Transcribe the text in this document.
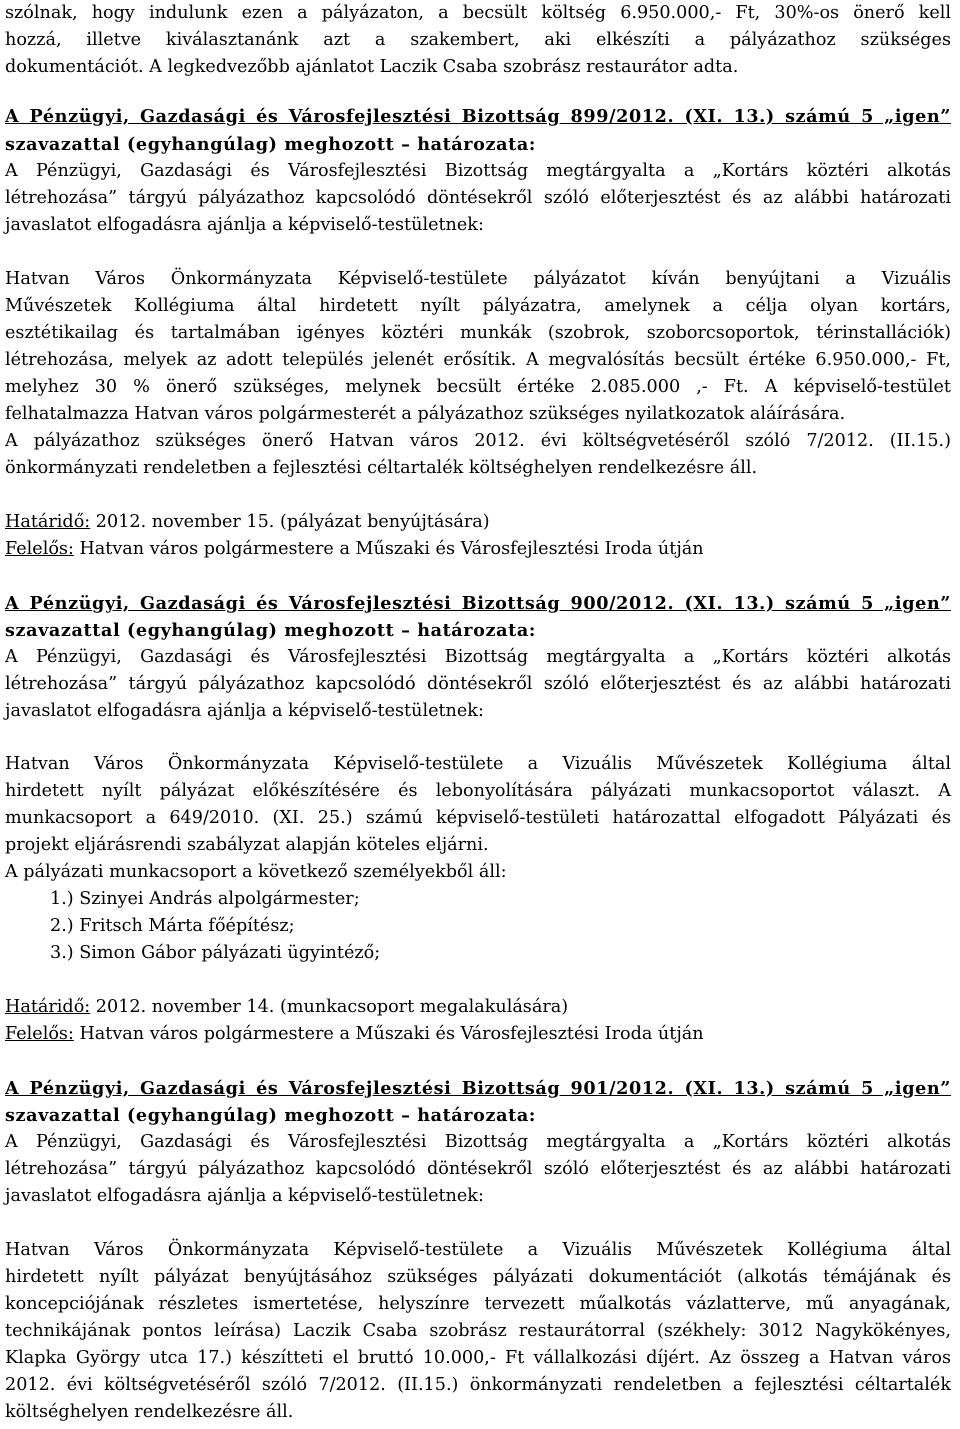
szólnak, hogy indulunk ezen a pályázaton, a becsült költség 6.950.000,- Ft, 30%-os önerő kell
hozzá, illetve kiválasztanánk azt a szakembert, aki elkészíti a pályázathoz szükséges
dokumentációt. A legkedvezőbb ajánlatot Laczik Csaba szobrász restaurátor adta.
A Pénzügyi, Gazdasági és Városfejlesztési Bizottság 899/2012. (XI. 13.) számú 5 „igen”
szavazattal (egyhangúlag) meghozott – határozata:
A Pénzügyi, Gazdasági és Városfejlesztési Bizottság megtárgyalta a „Kortárs köztéri alkotás
létrehozása” tárgyú pályázathoz kapcsolódó döntésekről szóló előterjesztést és az alábbi határozati
javaslatot elfogadásra ajánlja a képviselő-testületnek:
Hatvan Város Önkormányzata Képviselő-testülete pályázatot kíván benyújtani a Vizuális
Művészetek Kollégiuma által hirdetett nyílt pályázatra, amelynek a célja olyan kortárs,
esztétikailag és tartalmában igényes köztéri munkák (szobrok, szoborcsoportok, térinstallációk)
létrehozása, melyek az adott település jelenét erősítik. A megvalósítás becsült értéke 6.950.000,- Ft,
melyhez 30 % önerő szükséges, melynek becsült értéke 2.085.000 ,- Ft. A képviselő-testület
felhatalmazza Hatvan város polgármesterét a pályázathoz szükséges nyilatkozatok aláírására.
A pályázathoz szükséges önerő Hatvan város 2012. évi költségvetéséről szóló 7/2012. (II.15.)
önkormányzati rendeletben a fejlesztési céltartalék költséghelyen rendelkezésre áll.
Határidő: 2012. november 15. (pályázat benyújtására)
Felelős: Hatvan város polgármestere a Műszaki és Városfejlesztési Iroda útján
A Pénzügyi, Gazdasági és Városfejlesztési Bizottság 900/2012. (XI. 13.) számú 5 „igen”
szavazattal (egyhangúlag) meghozott – határozata:
A Pénzügyi, Gazdasági és Városfejlesztési Bizottság megtárgyalta a „Kortárs köztéri alkotás
létrehozása” tárgyú pályázathoz kapcsolódó döntésekről szóló előterjesztést és az alábbi határozati
javaslatot elfogadásra ajánlja a képviselő-testületnek:
Hatvan Város Önkormányzata Képviselő-testülete a Vizuális Művészetek Kollégiuma által
hirdetett nyílt pályázat előkészítésére és lebonyolítására pályázati munkacsoportot választ. A
munkacsoport a 649/2010. (XI. 25.) számú képviselő-testületi határozattal elfogadott Pályázati és
projekt eljárásrendi szabályzat alapján köteles eljárni.
A pályázati munkacsoport a következő személyekből áll:
1.) Szinyei András alpolgármester;
2.) Fritsch Márta főépítész;
3.) Simon Gábor pályázati ügyintéző;
Határidő: 2012. november 14. (munkacsoport megalakulására)
Felelős: Hatvan város polgármestere a Műszaki és Városfejlesztési Iroda útján
A Pénzügyi, Gazdasági és Városfejlesztési Bizottság 901/2012. (XI. 13.) számú 5 „igen”
szavazattal (egyhangúlag) meghozott – határozata:
A Pénzügyi, Gazdasági és Városfejlesztési Bizottság megtárgyalta a „Kortárs köztéri alkotás
létrehozása” tárgyú pályázathoz kapcsolódó döntésekről szóló előterjesztést és az alábbi határozati
javaslatot elfogadásra ajánlja a képviselő-testületnek:
Hatvan Város Önkormányzata Képviselő-testülete a Vizuális Művészetek Kollégiuma által
hirdetett nyílt pályázat benyújtásához szükséges pályázati dokumentációt (alkotás témájának és
koncepciójának részletes ismertetése, helyszínre tervezett műalkotás vázlatterve, mű anyagának,
technikájának pontos leírása) Laczik Csaba szobrász restaurátorral (székhely: 3012 Nagykökényes,
Klapka György utca 17.) készítteti el bruttó 10.000,- Ft vállalkozási díjért. Az összeg a Hatvan város
2012. évi költségvetéséről szóló 7/2012. (II.15.) önkormányzati rendeletben a fejlesztési céltartalék
költséghelyen rendelkezésre áll.
